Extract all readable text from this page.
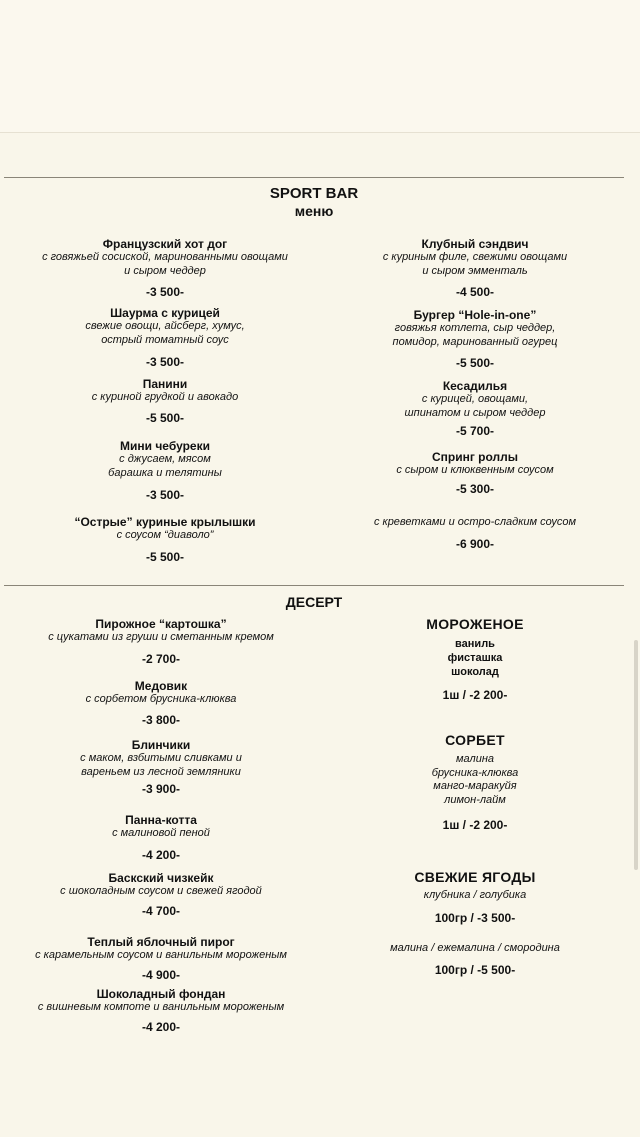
SPORT BAR
меню
Французский хот дог
с говяжьей сосиской, маринованными овощами
и сыром чеддер
-3 500-
Шаурма с курицей
свежие овощи, айсберг, хумус,
острый томатный соус
-3 500-
Панини
с куриной грудкой и авокадо
-5 500-
Мини чебуреки
с джусаем, мясом
барашка и телятины
-3 500-
“Острые” куриные крылышки
с соусом “диаволо”
-5 500-
Клубный сэндвич
с куриным филе, свежими овощами
и сыром эмменталь
-4 500-
Бургер “Hole-in-one”
говяжья котлета, сыр чеддер,
помидор, маринованный огурец
-5 500-
Кесадилья
с курицей, овощами,
шпинатом и сыром чеддер
-5 700-
Спринг роллы
с сыром и клюквенным соусом
-5 300-
с креветками и остро-сладким соусом
-6 900-
ДЕСЕРТ
Пирожное “картошка”
с цукатами из груши и сметанным кремом
-2 700-
Медовик
с сорбетом брусника-клюква
-3 800-
Блинчики
с маком, взбитыми сливками и
вареньем из лесной земляники
-3 900-
Панна-котта
с малиновой пеной
-4 200-
Баскский чизкейк
с шоколадным соусом и свежей ягодой
-4 700-
Теплый яблочный пирог
с карамельным соусом и ванильным мороженым
-4 900-
Шоколадный фондан
с вишневым компоте и ванильным мороженым
-4 200-
МОРОЖЕНОЕ
ваниль
фисташка
шоколад
1ш / -2 200-
СОРБЕТ
малина
брусника-клюква
манго-маракуйя
лимон-лайм
1ш / -2 200-
СВЕЖИЕ ЯГОДЫ
клубника / голубика
100гр / -3 500-
малина / ежемалина / смородина
100гр / -5 500-
